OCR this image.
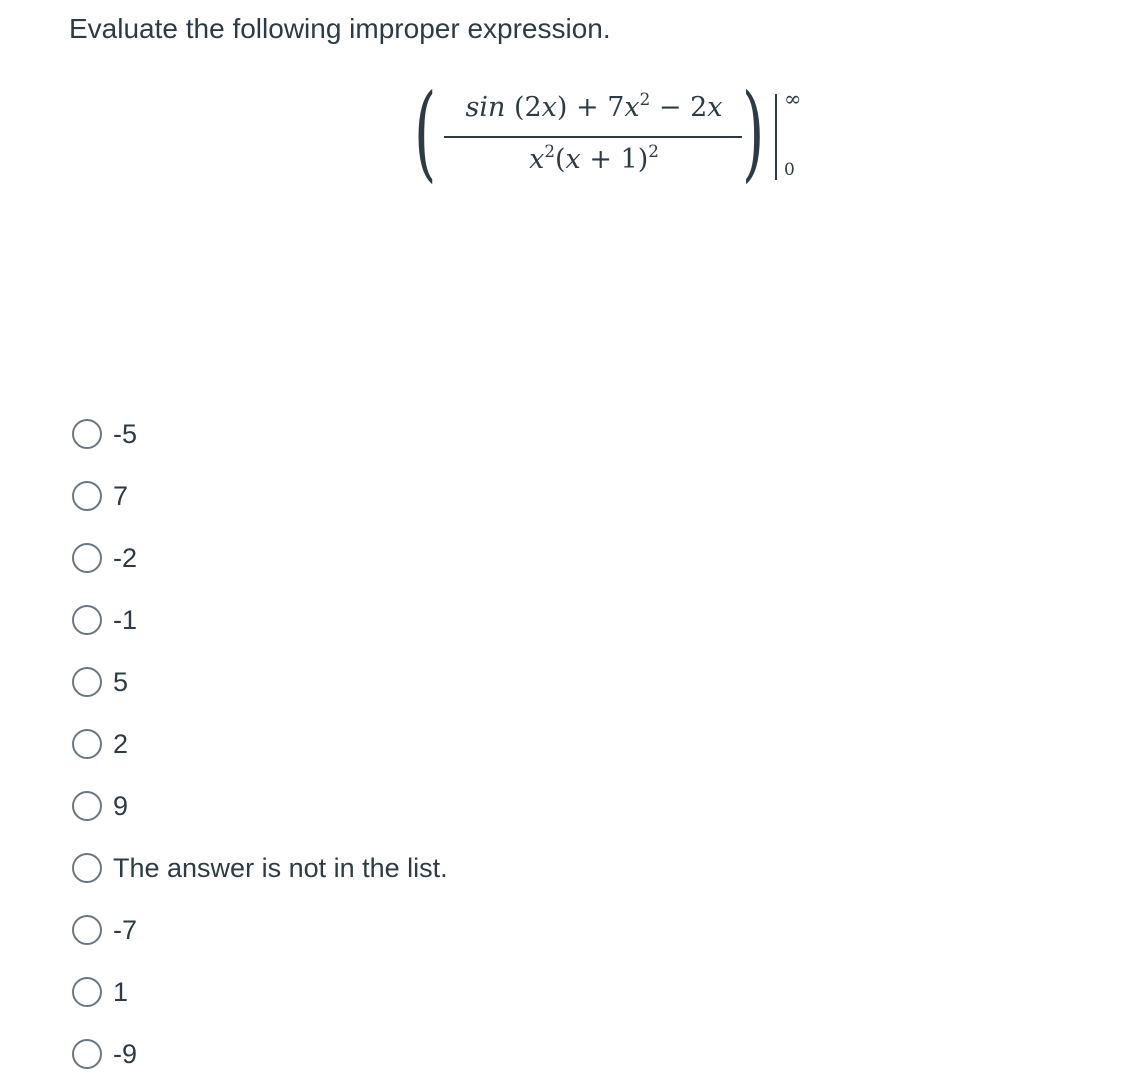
Evaluate the following improper expression.
(	$\sin (2x) + 7x^2 - 2x$
$x^2(x + 1)^2$ ) ∞
0
-5
7
-2
-1
5
2
9
The answer is not in the list.
-7
1
-9
